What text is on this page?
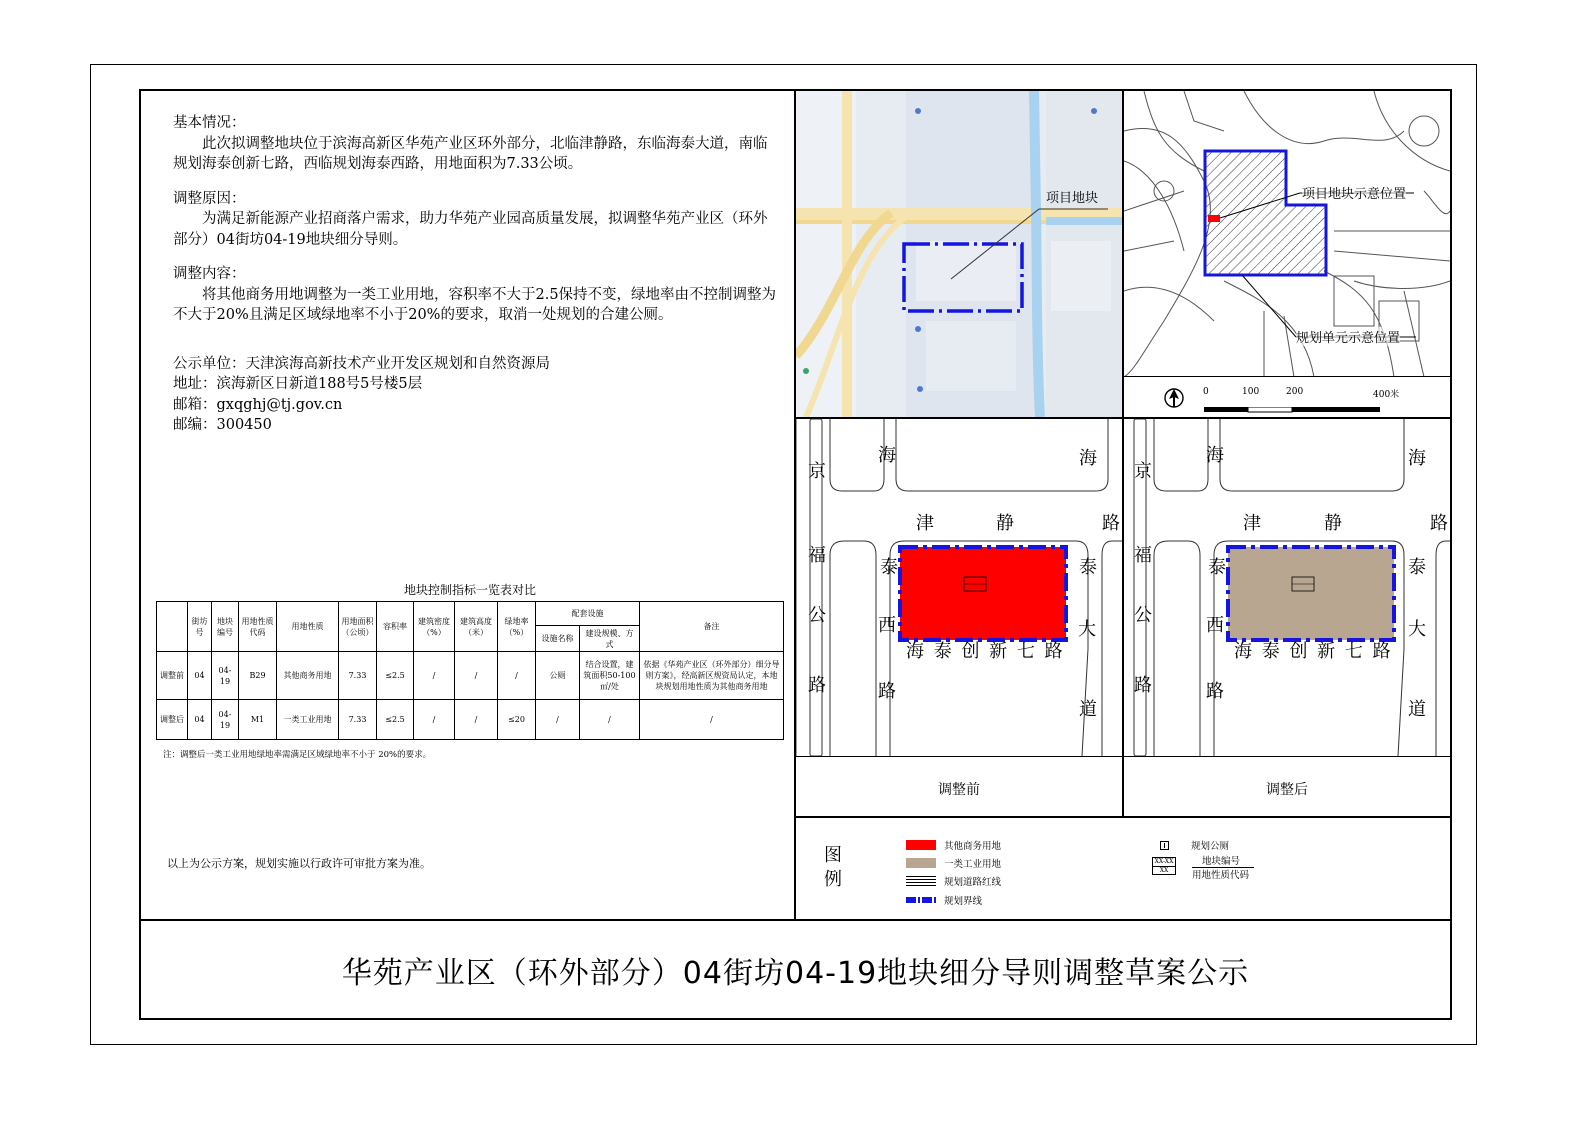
基本情况：

此次拟调整地块位于滨海高新区华苑产业区环外部分，北临津静路，东临海泰大道，南临规划海泰创新七路，西临规划海泰西路，用地面积为7.33公顷。

调整原因：

为满足新能源产业招商落户需求，助力华苑产业园高质量发展，拟调整华苑产业区（环外部分）04街坊04-19地块细分导则。

调整内容：

将其他商务用地调整为一类工业用地，容积率不大于2.5保持不变，绿地率由不控制调整为不大于20%且满足区域绿地率不小于20%的要求，取消一处规划的合建公厕。

公示单位：天津滨海高新技术产业开发区规划和自然资源局

地址：滨海新区日新道188号5号楼5层

邮箱：gxqghj@tj.gov.cn

邮编：300450

地块控制指标一览表对比
	街坊号	地块编号	用地性质代码	用地性质	用地面积（公顷）	容积率	建筑密度（%）	建筑高度（米）	绿地率（%）	配套设施		备注
										设施名称	建设规模、方式	
调整前	04	04-19	B29	其他商务用地	7.33	≤2.5	/	/	/	公厕	结合设置，建筑面积50-100㎡/处	依据《华苑产业区（环外部分）细分导则方案》，经高新区规资局认定，本地块规划用地性质为其他商务用地
调整后	04	04-19	M1	一类工业用地	7.33	≤2.5	/	/	≤20	/	/	/
注：调整后一类工业用地绿地率需满足区域绿地率不小于 20%的要求。
以上为公示方案，规划实施以行政许可审批方案为准。
项目地块	项目地块示意位置
规划单元示意位置
0	100	200	400米
海	海
京
津	静	路
福
泰	泰
公	西	大
海 泰 创 新 七 路
路	路
道
海	海
京
津	静	路
福
泰	泰
公	西	大
海 泰 创 新 七 路
路	路
道
调整前	调整后
图
例
其他商务用地
一类工业用地
规划道路红线
规划界线
规划公厕
XX-XX
XX
地块编号
用地性质代码
华苑产业区（环外部分）04街坊04-19地块细分导则调整草案公示
